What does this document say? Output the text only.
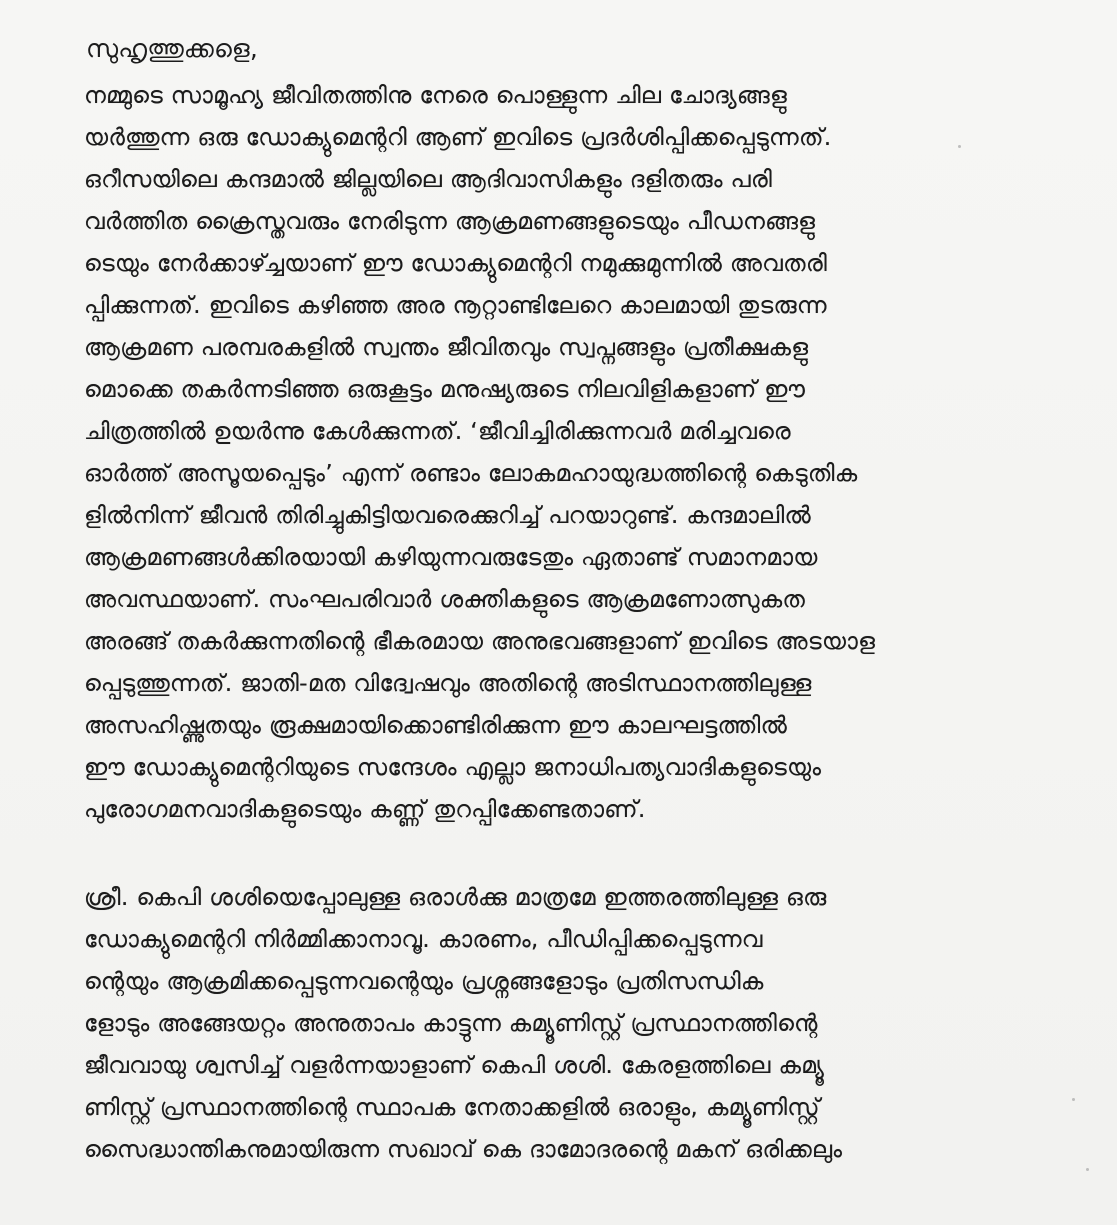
സുഹൃത്തുക്കളെ,
നമ്മുടെ സാമൂഹ്യ ജീവിതത്തിനു നേരെ പൊള്ളുന്ന ചില ചോദ്യങ്ങളു
യര്‍ത്തുന്ന ഒരു ഡോക്യുമെന്ററി ആണ് ഇവിടെ പ്രദര്‍ശിപ്പിക്കപ്പെടുന്നത്.
ഒറീസയിലെ കന്ദമാല്‍ ജില്ലയിലെ ആദിവാസികളും ദളിതരും പരി
വര്‍ത്തിത ക്രൈസ്തവരും നേരിടുന്ന ആക്രമണങ്ങളുടെയും പീഡനങ്ങളു
ടെയും നേര്‍ക്കാഴ്ച്ചയാണ് ഈ ഡോക്യുമെന്ററി നമുക്കുമുന്നില്‍ അവതരി
പ്പിക്കുന്നത്. ഇവിടെ കഴിഞ്ഞ അര നൂറ്റാണ്ടിലേറെ കാലമായി തുടരുന്ന
ആക്രമണ പരമ്പരകളില്‍ സ്വന്തം ജീവിതവും സ്വപ്നങ്ങളും പ്രതീക്ഷകളു
മൊക്കെ തകര്‍ന്നടിഞ്ഞ ഒരുകൂട്ടം മനുഷ്യരുടെ നിലവിളികളാണ് ഈ
ചിത്രത്തില്‍ ഉയര്‍ന്നു കേള്‍ക്കുന്നത്. ‘ജീവിച്ചിരിക്കുന്നവര്‍ മരിച്ചവരെ
ഓര്‍ത്ത് അസൂയപ്പെടും’ എന്ന് രണ്ടാം ലോകമഹായുദ്ധത്തിന്റെ കെടുതിക
ളില്‍നിന്ന് ജീവന്‍ തിരിച്ചുകിട്ടിയവരെക്കുറിച്ച് പറയാറുണ്ട്. കന്ദമാലില്‍
ആക്രമണങ്ങള്‍ക്കിരയായി കഴിയുന്നവരുടേതും ഏതാണ്ട് സമാനമായ
അവസ്ഥയാണ്. സംഘപരിവാര്‍ ശക്തികളുടെ ആക്രമണോത്സുകത
അരങ്ങ് തകര്‍ക്കുന്നതിന്റെ ഭീകരമായ അനുഭവങ്ങളാണ് ഇവിടെ അടയാള
പ്പെടുത്തുന്നത്. ജാതി-മത വിദ്വേഷവും അതിന്റെ അടിസ്ഥാനത്തിലുള്ള
അസഹിഷ്ണുതയും രൂക്ഷമായിക്കൊണ്ടിരിക്കുന്ന ഈ കാലഘട്ടത്തില്‍
ഈ ഡോക്യുമെന്ററിയുടെ സന്ദേശം എല്ലാ ജനാധിപത്യവാദികളുടെയും
പുരോഗമനവാദികളുടെയും കണ്ണ് തുറപ്പിക്കേണ്ടതാണ്.
ശ്രീ. കെപി ശശിയെപ്പോലുള്ള ഒരാള്‍ക്കു മാത്രമേ ഇത്തരത്തിലുള്ള ഒരു
ഡോക്യുമെന്ററി നിര്‍മ്മിക്കാനാവൂ. കാരണം, പീഡിപ്പിക്കപ്പെടുന്നവ
ന്റെയും ആക്രമിക്കപ്പെടുന്നവന്റെയും പ്രശ്നങ്ങളോടും പ്രതിസന്ധിക
ളോടും അങ്ങേയറ്റം അനുതാപം കാട്ടുന്ന കമ്യൂണിസ്റ്റ് പ്രസ്ഥാനത്തിന്റെ
ജീവവായു ശ്വസിച്ച് വളര്‍ന്നയാളാണ് കെപി ശശി. കേരളത്തിലെ കമ്യൂ
ണിസ്റ്റ് പ്രസ്ഥാനത്തിന്റെ സ്ഥാപക നേതാക്കളില്‍ ഒരാളും, കമ്യൂണിസ്റ്റ്
സൈദ്ധാന്തികനുമായിരുന്ന സഖാവ് കെ ദാമോദരന്റെ മകന് ഒരിക്കലും
